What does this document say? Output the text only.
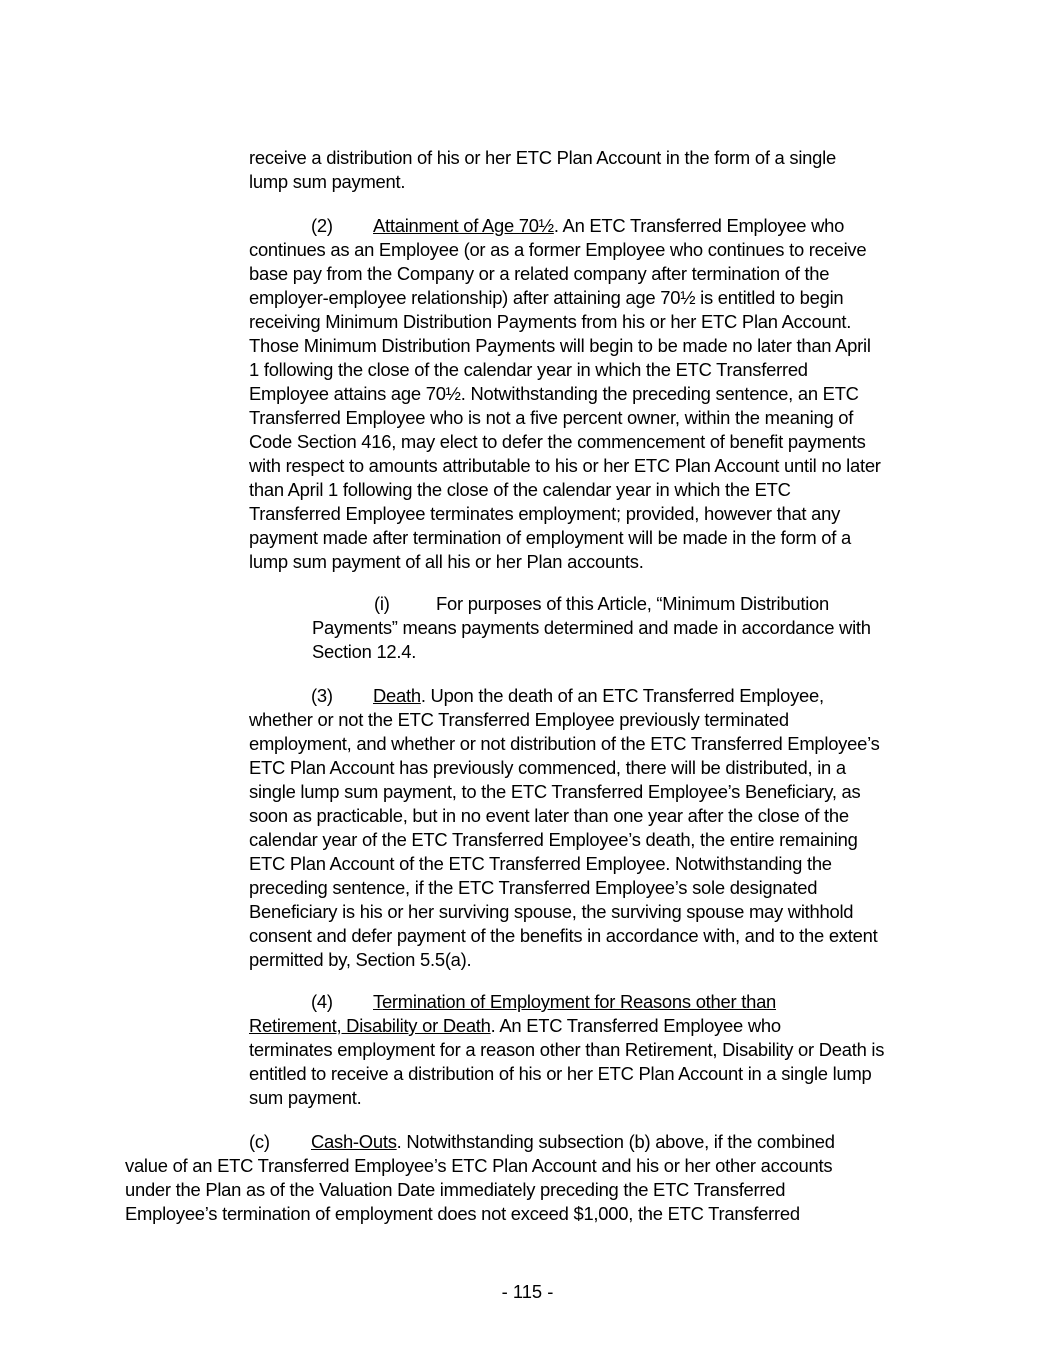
receive a distribution of his or her ETC Plan Account in the form of a single
lump sum payment.
(2) Attainment of Age 70½. An ETC Transferred Employee who
continues as an Employee (or as a former Employee who continues to receive
base pay from the Company or a related company after termination of the
employer-employee relationship) after attaining age 70½ is entitled to begin
receiving Minimum Distribution Payments from his or her ETC Plan Account.
Those Minimum Distribution Payments will begin to be made no later than April
1 following the close of the calendar year in which the ETC Transferred
Employee attains age 70½. Notwithstanding the preceding sentence, an ETC
Transferred Employee who is not a five percent owner, within the meaning of
Code Section 416, may elect to defer the commencement of benefit payments
with respect to amounts attributable to his or her ETC Plan Account until no later
than April 1 following the close of the calendar year in which the ETC
Transferred Employee terminates employment; provided, however that any
payment made after termination of employment will be made in the form of a
lump sum payment of all his or her Plan accounts.
(i)	For purposes of this Article, “Minimum Distribution
Payments” means payments determined and made in accordance with
Section 12.4.
(3) Death. Upon the death of an ETC Transferred Employee,
whether or not the ETC Transferred Employee previously terminated
employment, and whether or not distribution of the ETC Transferred Employee’s
ETC Plan Account has previously commenced, there will be distributed, in a
single lump sum payment, to the ETC Transferred Employee’s Beneficiary, as
soon as practicable, but in no event later than one year after the close of the
calendar year of the ETC Transferred Employee’s death, the entire remaining
ETC Plan Account of the ETC Transferred Employee. Notwithstanding the
preceding sentence, if the ETC Transferred Employee’s sole designated
Beneficiary is his or her surviving spouse, the surviving spouse may withhold
consent and defer payment of the benefits in accordance with, and to the extent
permitted by, Section 5.5(a).
(4) Termination of Employment for Reasons other than
Retirement, Disability or Death. An ETC Transferred Employee who
terminates employment for a reason other than Retirement, Disability or Death is
entitled to receive a distribution of his or her ETC Plan Account in a single lump
sum payment.
(c) Cash-Outs. Notwithstanding subsection (b) above, if the combined
value of an ETC Transferred Employee’s ETC Plan Account and his or her other accounts
under the Plan as of the Valuation Date immediately preceding the ETC Transferred
Employee’s termination of employment does not exceed $1,000, the ETC Transferred
- 115 -
